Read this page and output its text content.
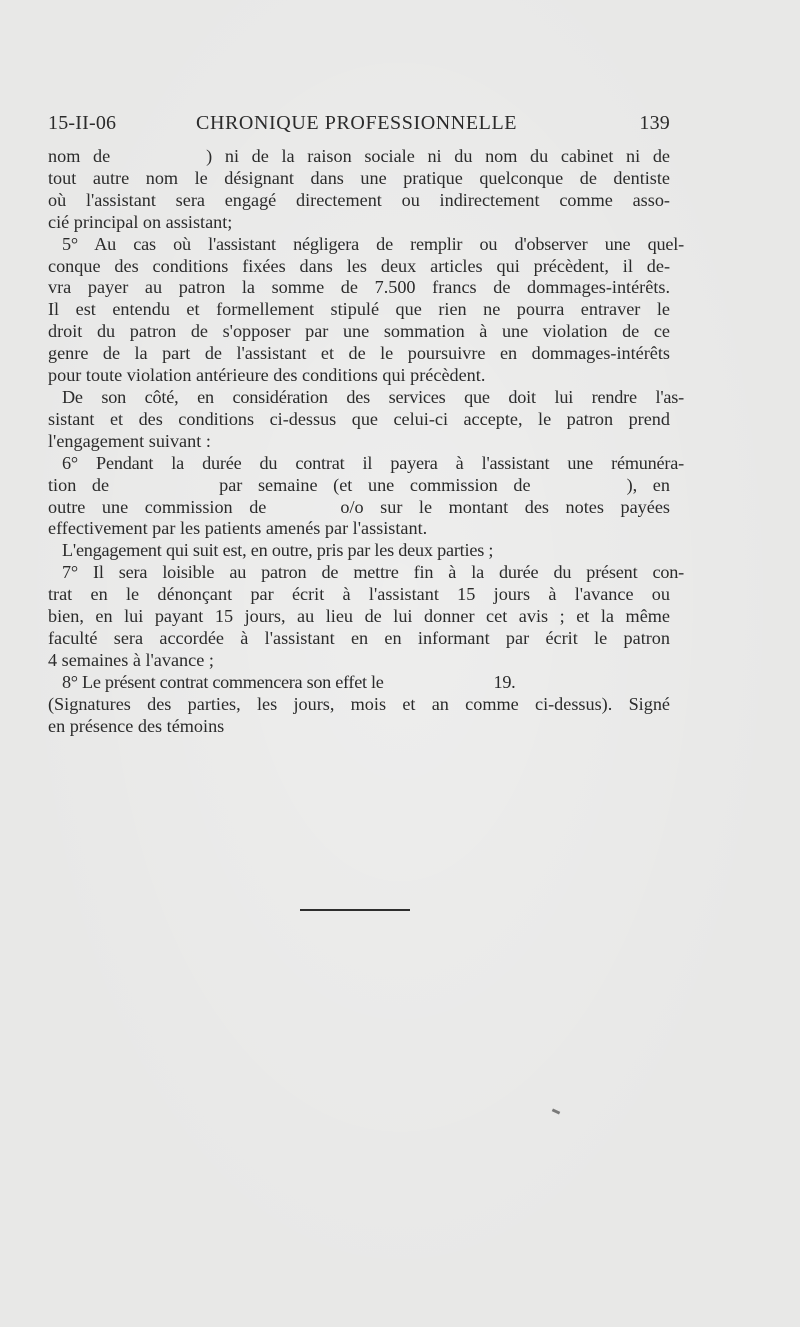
15-II-06	CHRONIQUE PROFESSIONNELLE	139
nom de	) ni de la raison sociale ni du nom du cabinet ni de
tout autre nom le désignant dans une pratique quelconque de dentiste
où l'assistant sera engagé directement ou indirectement comme asso-
cié principal on assistant;
5° Au cas où l'assistant négligera de remplir ou d'observer une quel-
conque des conditions fixées dans les deux articles qui précèdent, il de-
vra payer au patron la somme de 7.500 francs de dommages-intérêts.
Il est entendu et formellement stipulé que rien ne pourra entraver le
droit du patron de s'opposer par une sommation à une violation de ce
genre de la part de l'assistant et de le poursuivre en dommages-intérêts
pour toute violation antérieure des conditions qui précèdent.
De son côté, en considération des services que doit lui rendre l'as-
sistant et des conditions ci-dessus que celui-ci accepte, le patron prend
l'engagement suivant :
6° Pendant la durée du contrat il payera à l'assistant une rémunéra-
tion de	par semaine (et une commission de	), en
outre une commission de	o/o sur le montant des notes payées
effectivement par les patients amenés par l'assistant.
L'engagement qui suit est, en outre, pris par les deux parties ;
7° Il sera loisible au patron de mettre fin à la durée du présent con-
trat en le dénonçant par écrit à l'assistant 15 jours à l'avance ou
bien, en lui payant 15 jours, au lieu de lui donner cet avis ; et la même
faculté sera accordée à l'assistant en en informant par écrit le patron
4 semaines à l'avance ;
8° Le présent contrat commencera son effet le	19.
(Signatures des parties, les jours, mois et an comme ci-dessus). Signé
en présence des témoins
